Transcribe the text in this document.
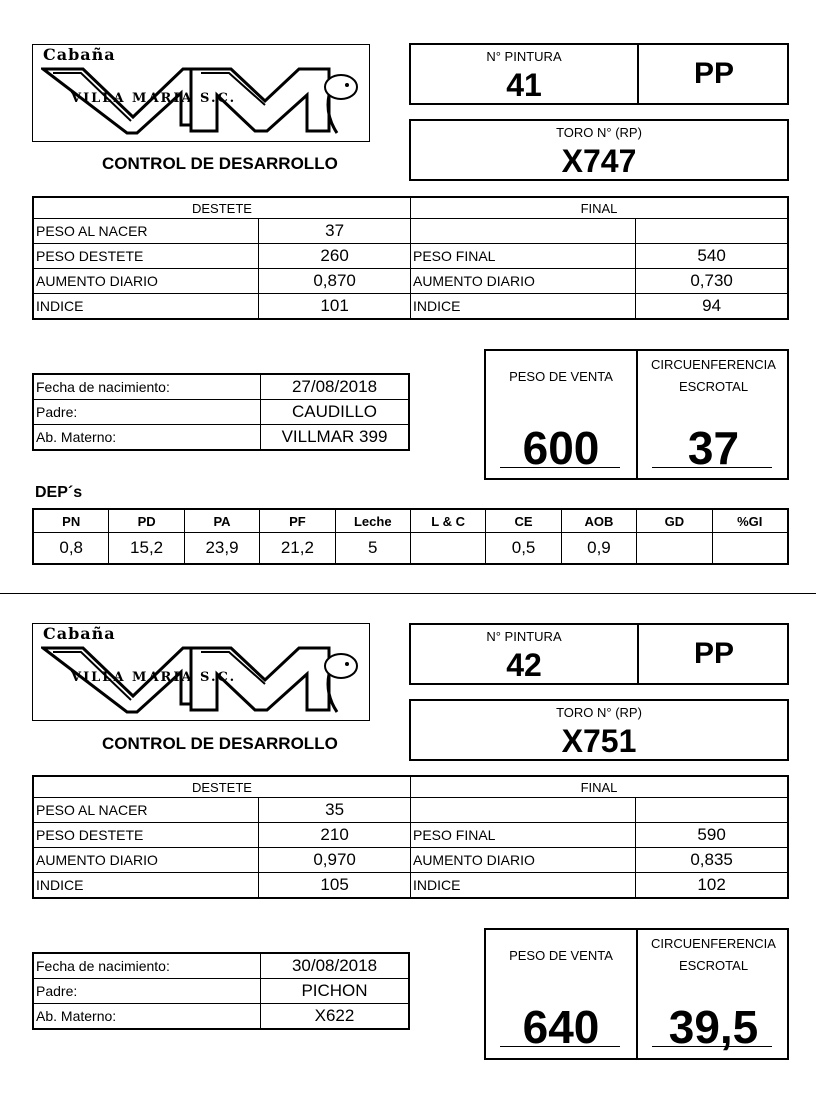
Cabaña
VILLA MARIA S.C.
CONTROL DE DESARROLLO
N° PINTURA
41	PP
TORO N° (RP)
X747
DESTETE		FINAL	
PESO AL NACER	37		
PESO DESTETE	260	PESO FINAL	540
AUMENTO DIARIO	0,870	AUMENTO DIARIO	0,730
INDICE	101	INDICE	94
Fecha de nacimiento:	27/08/2018
Padre:	CAUDILLO
Ab. Materno:	VILLMAR 399
PESO DE VENTA
CIRCUENFERENCIA
ESCROTAL
600	37
DEP´s
PN	PD	PA	PF	Leche	L & C	CE	AOB	GD	%GI
0,8	15,2	23,9	21,2	5		0,5	0,9		
Cabaña
VILLA MARIA S.C.
CONTROL DE DESARROLLO
N° PINTURA
42	PP
TORO N° (RP)
X751
DESTETE		FINAL	
PESO AL NACER	35		
PESO DESTETE	210	PESO FINAL	590
AUMENTO DIARIO	0,970	AUMENTO DIARIO	0,835
INDICE	105	INDICE	102
Fecha de nacimiento:	30/08/2018
Padre:	PICHON
Ab. Materno:	X622
PESO DE VENTA
CIRCUENFERENCIA
ESCROTAL
640	39,5
